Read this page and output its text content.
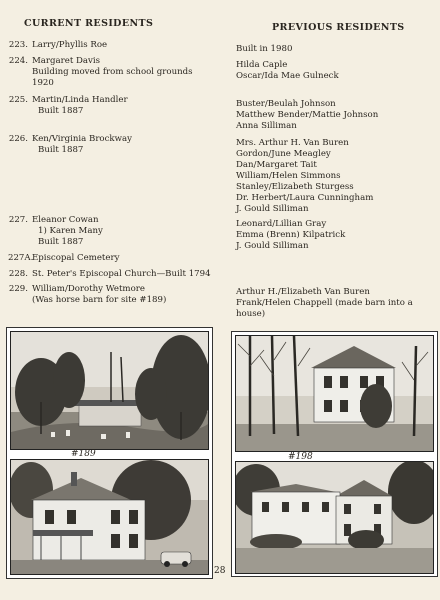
CURRENT RESIDENTS	PREVIOUS RESIDENTS
223. Larry/Phyllis Roe
224. Margaret Davis
Building moved from school grounds
1920
225. Martin/Linda Handler
Built 1887
226. Ken/Virginia Brockway
Built 1887
227. Eleanor Cowan
1) Karen Many
Built 1887
227A.Episcopal Cemetery
228. St. Peter's Episcopal Church—Built 1794
229. William/Dorothy Wetmore
(Was horse barn for site #189)
Built in 1980
Hilda Caple
Oscar/Ida Mae Gulneck
Buster/Beulah Johnson
Matthew Bender/Mattie Johnson
Anna Silliman
Mrs. Arthur H. Van Buren
Gordon/June Meagley
Dan/Margaret Tait
William/Helen Simmons
Stanley/Elizabeth Sturgess
Dr. Herbert/Laura Cunningham
J. Gould Silliman
Leonard/Lillian Gray
Emma (Brenn) Kilpatrick
J. Gould Silliman
Arthur H./Elizabeth Van Buren
Frank/Helen Chappell (made barn into a
house)
#189	#198
28
